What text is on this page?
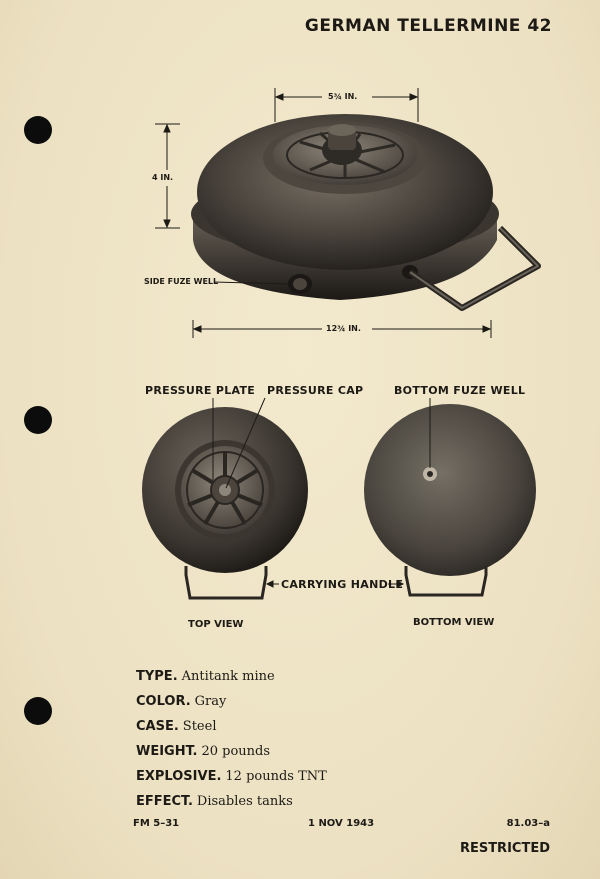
GERMAN TELLERMINE 42
5¾ IN.
4 IN.
12¾ IN.
SIDE FUZE WELL
PRESSURE PLATE PRESSURE CAP	BOTTOM FUZE WELL
CARRYING HANDLE
TOP VIEW	BOTTOM VIEW
TYPE. Antitank mine
COLOR. Gray
CASE. Steel
WEIGHT. 20 pounds
EXPLOSIVE. 12 pounds TNT
EFFECT. Disables tanks
FM 5–31	1 NOV 1943	81.03–a
RESTRICTED
